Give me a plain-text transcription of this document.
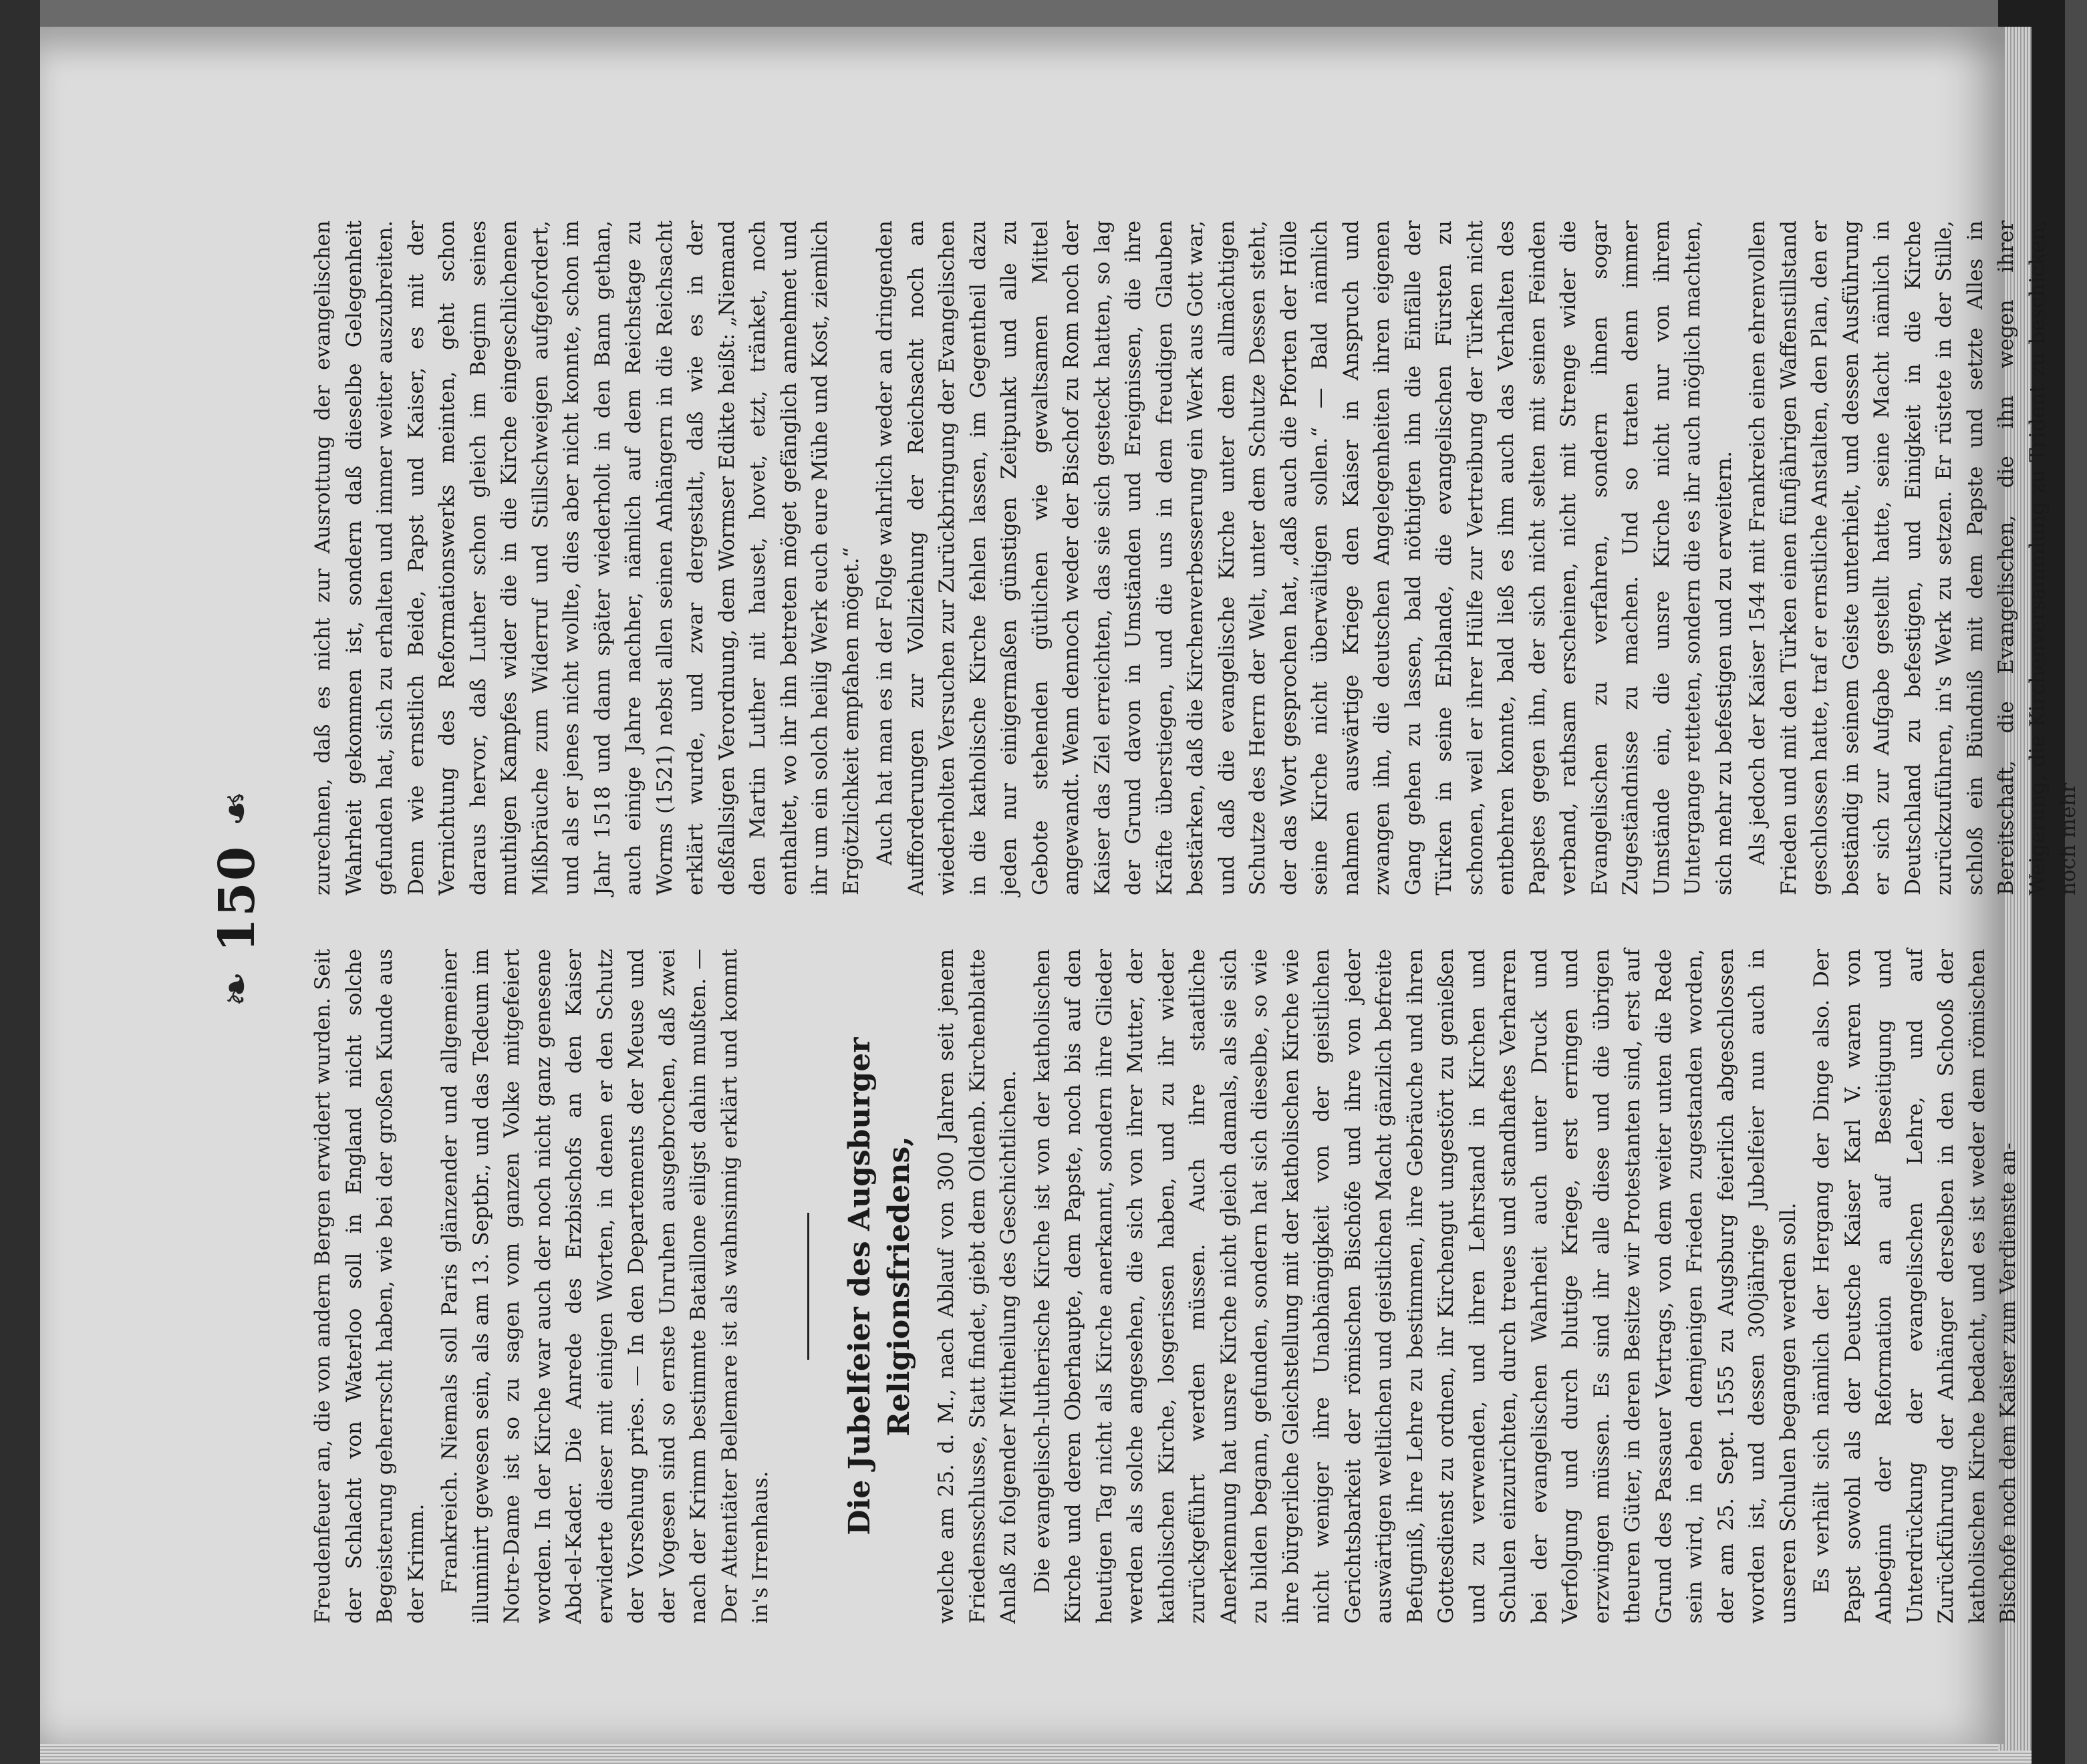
❧
150
❧

Freudenfeuer an, die von andern Bergen erwidert wurden. Seit der Schlacht von Waterloo soll in England nicht solche Begeisterung geherrscht haben, wie bei der großen Kunde aus der Krimm. Frankreich. Niemals soll Paris glänzender und allgemeiner illuminirt gewesen sein, als am 13. Septbr., und das Tedeum im Notre-Dame ist so zu sagen vom ganzen Volke mitgefeiert worden. In der Kirche war auch der noch nicht ganz genesene Abd-el-Kader. Die Anrede des Erzbischofs an den Kaiser erwiderte dieser mit einigen Worten, in denen er den Schutz der Vorsehung pries. — In den Departements der Meuse und der Vogesen sind so ernste Unruhen ausgebrochen, daß zwei nach der Krimm bestimmte Bataillone eiligst dahin mußten. — Der Attentäter Bellemare ist als wahnsinnig erklärt und kommt in's Irrenhaus.

Die Jubelfeier des Augsburger Religionsfriedens, welche am 25. d. M., nach Ablauf von 300 Jahren seit jenem Friedensschlusse, Statt findet, giebt dem Oldenb. Kirchenblatte Anlaß zu folgender Mittheilung des Geschichtlichen. Die evangelisch-lutherische Kirche ist von der katholischen Kirche und deren Oberhaupte, dem Papste, noch bis auf den heutigen Tag nicht als Kirche anerkannt, sondern ihre Glieder werden als solche angesehen, die sich von ihrer Mutter, der katholischen Kirche, losgerissen haben, und zu ihr wieder zurückgeführt werden müssen. Auch ihre staatliche Anerkennung hat unsre Kirche nicht gleich damals, als sie sich zu bilden begann, gefunden, sondern hat sich dieselbe, so wie ihre bürgerliche Gleichstellung mit der katholischen Kirche wie nicht weniger ihre Unabhängigkeit von der geistlichen Gerichtsbarkeit der römischen Bischöfe und ihre von jeder auswärtigen weltlichen und geistlichen Macht gänzlich befreite Befugniß, ihre Lehre zu bestimmen, ihre Gebräuche und ihren Gottesdienst zu ordnen, ihr Kirchengut ungestört zu genießen und zu verwenden, und ihren Lehrstand in Kirchen und Schulen einzurichten, durch treues und standhaftes Verharren bei der evangelischen Wahrheit auch unter Druck und Verfolgung und durch blutige Kriege, erst erringen und erzwingen müssen. Es sind ihr alle diese und die übrigen theuren Güter, in deren Besitze wir Protestanten sind, erst auf Grund des Passauer Vertrags, von dem weiter unten die Rede sein wird, in eben demjenigen Frieden zugestanden worden, der am 25. Sept. 1555 zu Augsburg feierlich abgeschlossen worden ist, und dessen 300jährige Jubelfeier nun auch in unseren Schulen begangen werden soll. Es verhält sich nämlich der Hergang der Dinge also. Der Papst sowohl als der Deutsche Kaiser Karl V. waren von Anbeginn der Reformation an auf Beseitigung und Unterdrückung der evangelischen Lehre, und auf Zurückführung der Anhänger derselben in den Schooß der katholischen Kirche bedacht, und es ist weder dem römischen Bischofe noch dem Kaiser zum Verdienste an-

zurechnen, daß es nicht zur Ausrottung der evangelischen Wahrheit gekommen ist, sondern daß dieselbe Gelegenheit gefunden hat, sich zu erhalten und immer weiter auszubreiten. Denn wie ernstlich Beide, Papst und Kaiser, es mit der Vernichtung des Reformationswerks meinten, geht schon daraus hervor, daß Luther schon gleich im Beginn seines muthigen Kampfes wider die in die Kirche eingeschlichenen Mißbräuche zum Widerruf und Stillschweigen aufgefordert, und als er jenes nicht wollte, dies aber nicht konnte, schon im Jahr 1518 und dann später wiederholt in den Bann gethan, auch einige Jahre nachher, nämlich auf dem Reichstage zu Worms (1521) nebst allen seinen Anhängern in die Reichsacht erklärt wurde, und zwar dergestalt, daß wie es in der deßfallsigen Verordnung, dem Wormser Edikte heißt: „Niemand den Martin Luther nit hauset, hovet, etzt, tränket, noch enthaltet, wo ihr ihn betreten möget gefänglich annehmet und ihr um ein solch heilig Werk euch eure Mühe und Kost, ziemlich Ergötzlichkeit empfahen möget.“ Auch hat man es in der Folge wahrlich weder an dringenden Aufforderungen zur Vollziehung der Reichsacht noch an wiederholten Versuchen zur Zurückbringung der Evangelischen in die katholische Kirche fehlen lassen, im Gegentheil dazu jeden nur einigermaßen günstigen Zeitpunkt und alle zu Gebote stehenden gütlichen wie gewaltsamen Mittel angewandt. Wenn dennoch weder der Bischof zu Rom noch der Kaiser das Ziel erreichten, das sie sich gesteckt hatten, so lag der Grund davon in Umständen und Ereignissen, die ihre Kräfte überstiegen, und die uns in dem freudigen Glauben bestärken, daß die Kirchenverbesserung ein Werk aus Gott war, und daß die evangelische Kirche unter dem allmächtigen Schutze des Herrn der Welt, unter dem Schutze Dessen steht, der das Wort gesprochen hat, „daß auch die Pforten der Hölle seine Kirche nicht überwältigen sollen.“ — Bald nämlich nahmen auswärtige Kriege den Kaiser in Anspruch und zwangen ihn, die deutschen Angelegenheiten ihren eigenen Gang gehen zu lassen, bald nöthigten ihn die Einfälle der Türken in seine Erblande, die evangelischen Fürsten zu schonen, weil er ihrer Hülfe zur Vertreibung der Türken nicht entbehren konnte, bald ließ es ihm auch das Verhalten des Papstes gegen ihn, der sich nicht selten mit seinen Feinden verband, rathsam erscheinen, nicht mit Strenge wider die Evangelischen zu verfahren, sondern ihnen sogar Zugeständnisse zu machen. Und so traten denn immer Umstände ein, die unsre Kirche nicht nur von ihrem Untergange retteten, sondern die es ihr auch möglich machten, sich mehr zu befestigen und zu erweitern. Als jedoch der Kaiser 1544 mit Frankreich einen ehrenvollen Frieden und mit den Türken einen fünfjährigen Waffenstillstand geschlossen hatte, traf er ernstliche Anstalten, den Plan, den er beständig in seinem Geiste unterhielt, und dessen Ausführung er sich zur Aufgabe gestellt hatte, seine Macht nämlich in Deutschland zu befestigen, und Einigkeit in die Kirche zurückzuführen, in's Werk zu setzen. Er rüstete in der Stille, schloß ein Bündniß mit dem Papste und setzte Alles in Bereitschaft, die Evangelischen, die ihn wegen ihrer Weigerung, die Kirchenversammlung zu Trident zu beschicken, noch mehr
